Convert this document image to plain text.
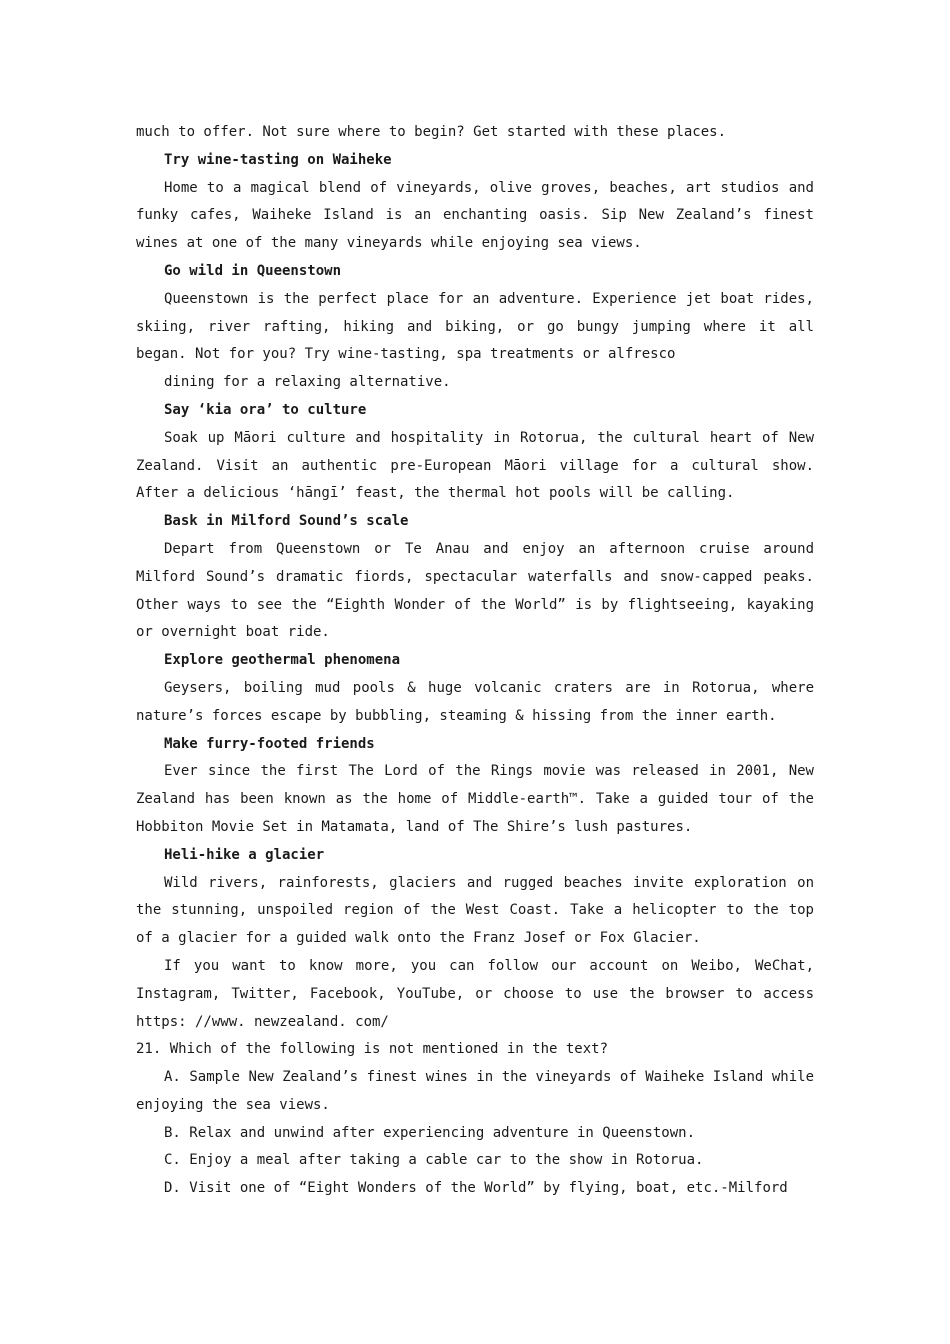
much to offer. Not sure where to begin? Get started with these places.

Try wine-tasting on Waiheke

Home to a magical blend of vineyards, olive groves, beaches, art studios and funky cafes, Waiheke Island is an enchanting oasis. Sip New Zealand’s finest wines at one of the many vineyards while enjoying sea views.

Go wild in Queenstown

Queenstown is the perfect place for an adventure. Experience jet boat rides, skiing, river rafting, hiking and biking, or go bungy jumping where it all began. Not for you? Try wine-tasting, spa treatments or alfresco

dining for a relaxing alternative.

Say ‘kia ora’ to culture

Soak up Māori culture and hospitality in Rotorua, the cultural heart of New Zealand. Visit an authentic pre-European Māori village for a cultural show. After a delicious ‘hāngī’ feast, the thermal hot pools will be calling.

Bask in Milford Sound’s scale

Depart from Queenstown or Te Anau and enjoy an afternoon cruise around Milford Sound’s dramatic fiords, spectacular waterfalls and snow-capped peaks. Other ways to see the “Eighth Wonder of the World” is by flightseeing, kayaking or overnight boat ride.

Explore geothermal phenomena

Geysers, boiling mud pools & huge volcanic craters are in Rotorua, where nature’s forces escape by bubbling, steaming & hissing from the inner earth.

Make furry-footed friends

Ever since the first The Lord of the Rings movie was released in 2001, New Zealand has been known as the home of Middle-earth™. Take a guided tour of the Hobbiton Movie Set in Matamata, land of The Shire’s lush pastures.

Heli-hike a glacier

Wild rivers, rainforests, glaciers and rugged beaches invite exploration on the stunning, unspoiled region of the West Coast. Take a helicopter to the top of a glacier for a guided walk onto the Franz Josef or Fox Glacier.

If you want to know more, you can follow our account on Weibo, WeChat, Instagram, Twitter, Facebook, YouTube, or choose to use the browser to access https: //www. newzealand. com/

21. Which of the following is not mentioned in the text?

A. Sample New Zealand’s finest wines in the vineyards of Waiheke Island while enjoying the sea views.

B. Relax and unwind after experiencing adventure in Queenstown.

C. Enjoy a meal after taking a cable car to the show in Rotorua.

D. Visit one of “Eight Wonders of the World” by flying, boat, etc.-Milford
